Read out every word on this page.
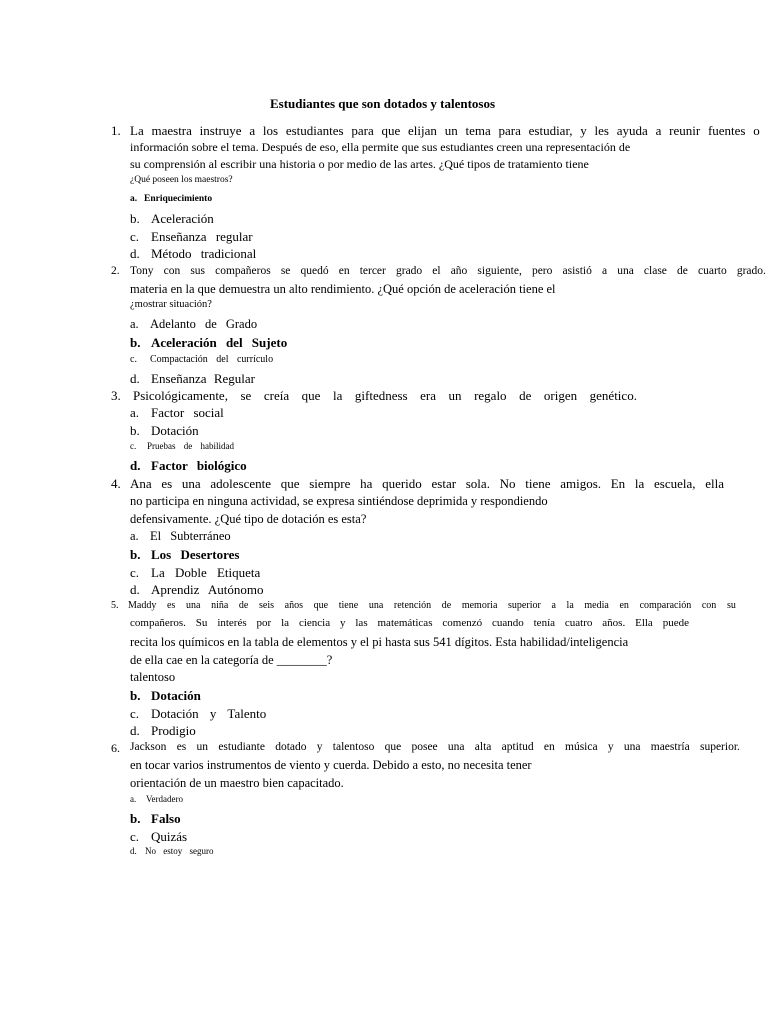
Estudiantes que son dotados y talentosos
1. La maestra instruye a los estudiantes para que elijan un tema para estudiar, y les ayuda a reunir fuentes o
información sobre el tema. Después de eso, ella permite que sus estudiantes creen una representación de
su comprensión al escribir una historia o por medio de las artes. ¿Qué tipos de tratamiento tiene
¿Qué poseen los maestros?
a. Enriquecimiento
b. Aceleración
c. Enseñanza regular
d. Método tradicional
2. Tony con sus compañeros se quedó en tercer grado el año siguiente, pero asistió a una clase de cuarto grado.
materia en la que demuestra un alto rendimiento. ¿Qué opción de aceleración tiene el
¿mostrar situación?
a. Adelanto de Grado
b. Aceleración del Sujeto
c. Compactación del currículo
d. Enseñanza Regular
3. Psicológicamente, se creía que la giftedness era un regalo de origen genético.
a. Factor social
b. Dotación
c. Pruebas de habilidad
d. Factor biológico
4. Ana es una adolescente que siempre ha querido estar sola. No tiene amigos. En la escuela, ella
no participa en ninguna actividad, se expresa sintiéndose deprimida y respondiendo
defensivamente. ¿Qué tipo de dotación es esta?
a. El Subterráneo
b. Los Desertores
c. La Doble Etiqueta
d. Aprendiz Autónomo
5. Maddy es una niña de seis años que tiene una retención de memoria superior a la media en comparación con su
compañeros. Su interés por la ciencia y las matemáticas comenzó cuando tenía cuatro años. Ella puede
recita los químicos en la tabla de elementos y el pi hasta sus 541 dígitos. Esta habilidad/inteligencia
de ella cae en la categoría de ________?
talentoso
b. Dotación
c. Dotación y Talento
d. Prodigio
6. Jackson es un estudiante dotado y talentoso que posee una alta aptitud en música y una maestría superior.
en tocar varios instrumentos de viento y cuerda. Debido a esto, no necesita tener
orientación de un maestro bien capacitado.
a. Verdadero
b. Falso
c. Quizás
d. No estoy seguro
